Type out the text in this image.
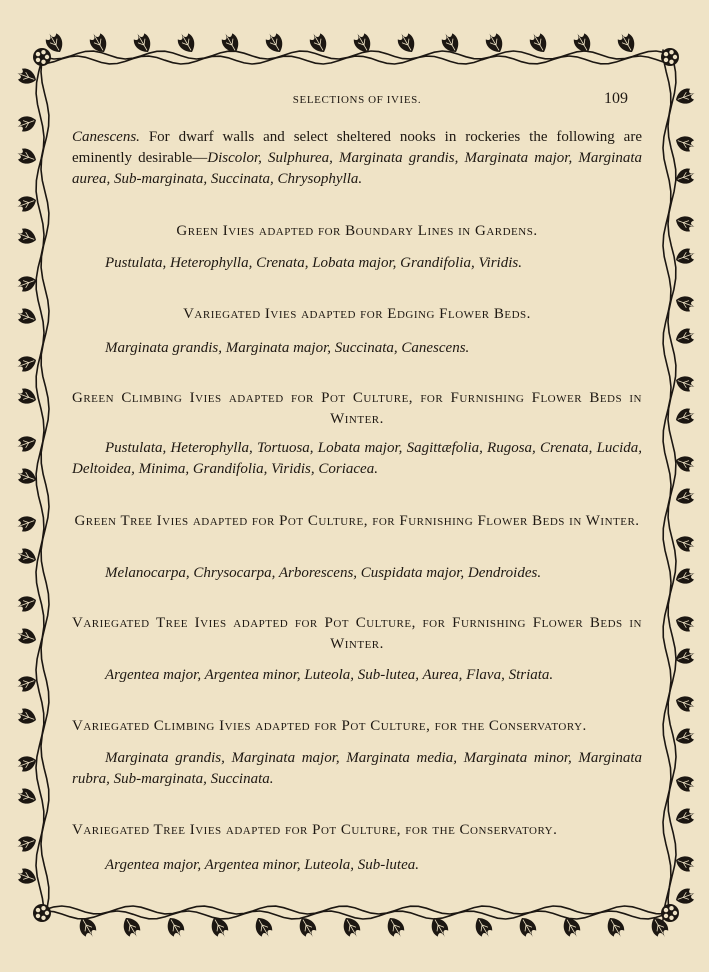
SELECTIONS OF IVIES.	109
Canescens. For dwarf walls and select sheltered nooks in rockeries the following are eminently desirable—Discolor, Sulphurea, Marginata grandis, Marginata major, Marginata aurea, Sub-marginata, Succinata, Chrysophylla.
Green Ivies adapted for Boundary Lines in Gardens.
Pustulata, Heterophylla, Crenata, Lobata major, Grandifolia, Viridis.
Variegated Ivies adapted for Edging Flower Beds.
Marginata grandis, Marginata major, Succinata, Canescens.
Green Climbing Ivies adapted for Pot Culture, for Furnishing Flower Beds in Winter.
Pustulata, Heterophylla, Tortuosa, Lobata major, Sagittæfolia, Rugosa, Crenata, Lucida, Deltoidea, Minima, Grandifolia, Viridis, Coriacea.
Green Tree Ivies adapted for Pot Culture, for Furnishing Flower Beds in Winter.
Melanocarpa, Chrysocarpa, Arborescens, Cuspidata major, Dendroides.
Variegated Tree Ivies adapted for Pot Culture, for Furnishing Flower Beds in Winter.
Argentea major, Argentea minor, Luteola, Sub-lutea, Aurea, Flava, Striata.
Variegated Climbing Ivies adapted for Pot Culture, for the Conservatory.
Marginata grandis, Marginata major, Marginata media, Marginata minor, Marginata rubra, Sub-marginata, Succinata.
Variegated Tree Ivies adapted for Pot Culture, for the Conservatory.
Argentea major, Argentea minor, Luteola, Sub-lutea.
